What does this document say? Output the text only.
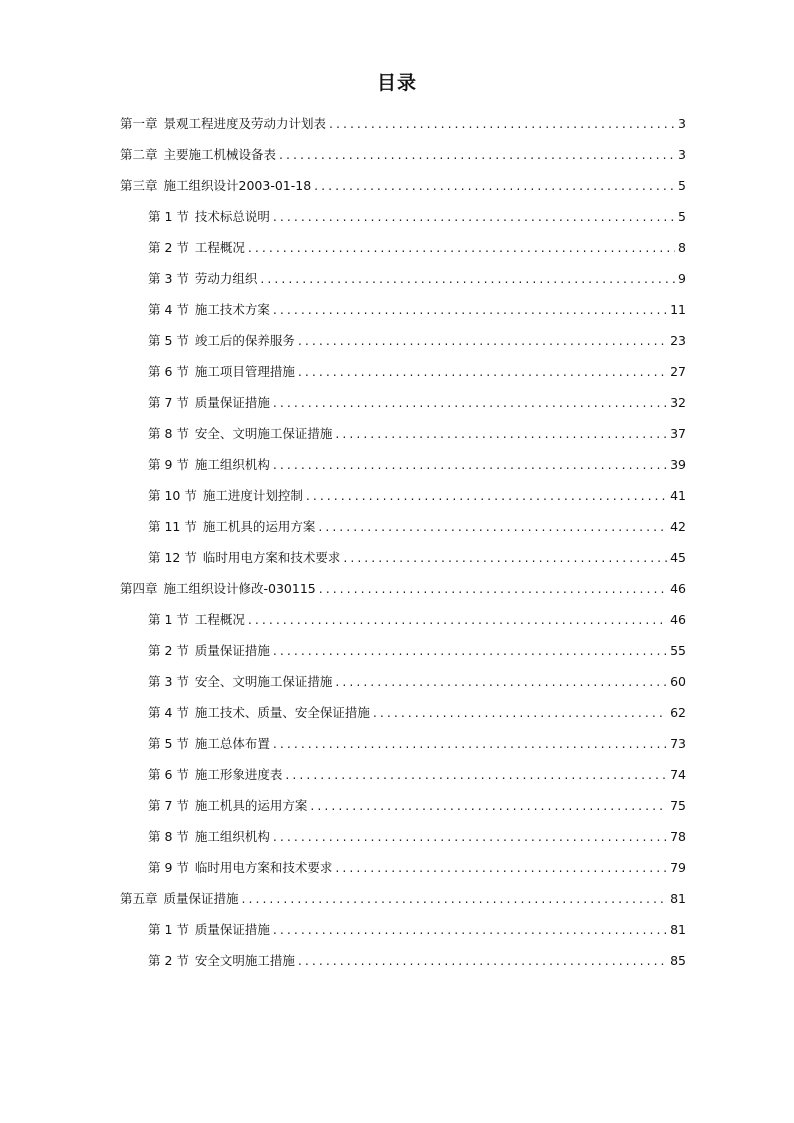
目录
第一章 景观工程进度及劳动力计划表 .....	3
第二章 主要施工机械设备表 .....	3
第三章 施工组织设计2003-01-18 .....	5
第 1 节 技术标总说明 .....	5
第 2 节 工程概况 .....	8
第 3 节 劳动力组织 .....	9
第 4 节 施工技术方案 .....	11
第 5 节 竣工后的保养服务 .....	23
第 6 节 施工项目管理措施 .....	27
第 7 节 质量保证措施 .....	32
第 8 节 安全、文明施工保证措施 .....	37
第 9 节 施工组织机构 .....	39
第 10 节 施工进度计划控制 .....	41
第 11 节 施工机具的运用方案 .....	42
第 12 节 临时用电方案和技术要求 .....	45
第四章 施工组织设计修改-030115 .....	46
第 1 节 工程概况 .....	46
第 2 节 质量保证措施 .....	55
第 3 节 安全、文明施工保证措施 .....	60
第 4 节 施工技术、质量、安全保证措施 .....	62
第 5 节 施工总体布置 .....	73
第 6 节 施工形象进度表 .....	74
第 7 节 施工机具的运用方案 .....	75
第 8 节 施工组织机构 .....	78
第 9 节 临时用电方案和技术要求 .....	79
第五章 质量保证措施 .....	81
第 1 节 质量保证措施 .....	81
第 2 节 安全文明施工措施 .....	85
